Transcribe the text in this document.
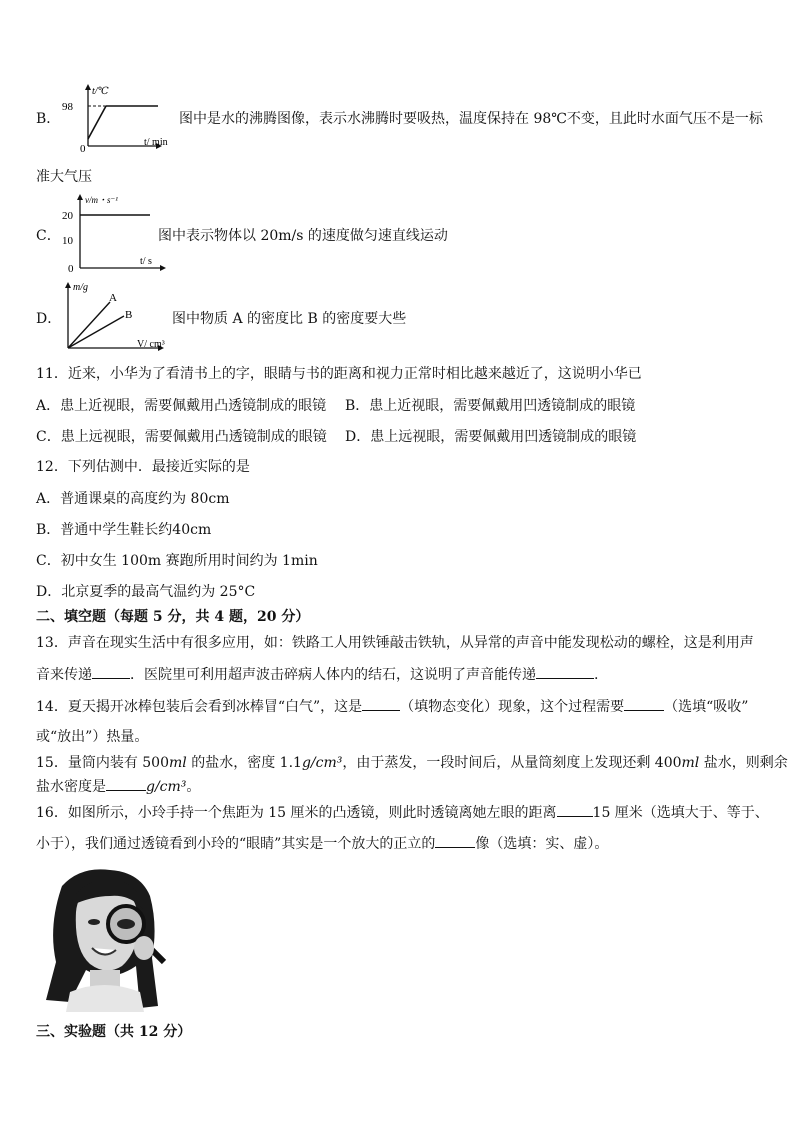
B．
t/℃
98
0
t/ min
图中是水的沸腾图像，表示水沸腾时要吸热，温度保持在 98℃不变，且此时水面气压不是一标
准大气压
C．
v/m・s⁻¹
20
10
0
t/ s
图中表示物体以 20m/s 的速度做匀速直线运动
D．
m/g
A
B
V/ cm³
图中物质 A 的密度比 B 的密度要大些
11．近来，小华为了看清书上的字，眼睛与书的距离和视力正常时相比越来越近了，这说明小华已
A．患上近视眼，需要佩戴用凸透镜制成的眼镜 B．患上近视眼，需要佩戴用凹透镜制成的眼镜
C．患上远视眼，需要佩戴用凸透镜制成的眼镜 D．患上远视眼，需要佩戴用凹透镜制成的眼镜
12．下列估测中．最接近实际的是
A．普通课桌的高度约为 80cm
B．普通中学生鞋长约40cm
C．初中女生 100m 赛跑所用时间约为 1min
D．北京夏季的最高气温约为 25°C
二、填空题（每题 5 分，共 4 题，20 分）
13．声音在现实生活中有很多应用，如：铁路工人用铁锤敲击铁轨，从异常的声音中能发现松动的螺栓，这是利用声
音来传递	．医院里可利用超声波击碎病人体内的结石，这说明了声音能传递	.
14．夏天揭开冰棒包装后会看到冰棒冒“白气”，这是	（填物态变化）现象，这个过程需要	（选填“吸收”
或“放出”）热量。
15．量筒内装有 500ml 的盐水，密度 1.1g/cm³，由于蒸发，一段时间后，从量筒刻度上发现还剩 400ml 盐水，则剩余
盐水密度是	g/cm³。
16．如图所示，小玲手持一个焦距为 15 厘米的凸透镜，则此时透镜离她左眼的距离	15 厘米（选填大于、等于、
小于），我们通过透镜看到小玲的“眼睛”其实是一个放大的正立的	像（选填：实、虚）。
三、实验题（共 12 分）
